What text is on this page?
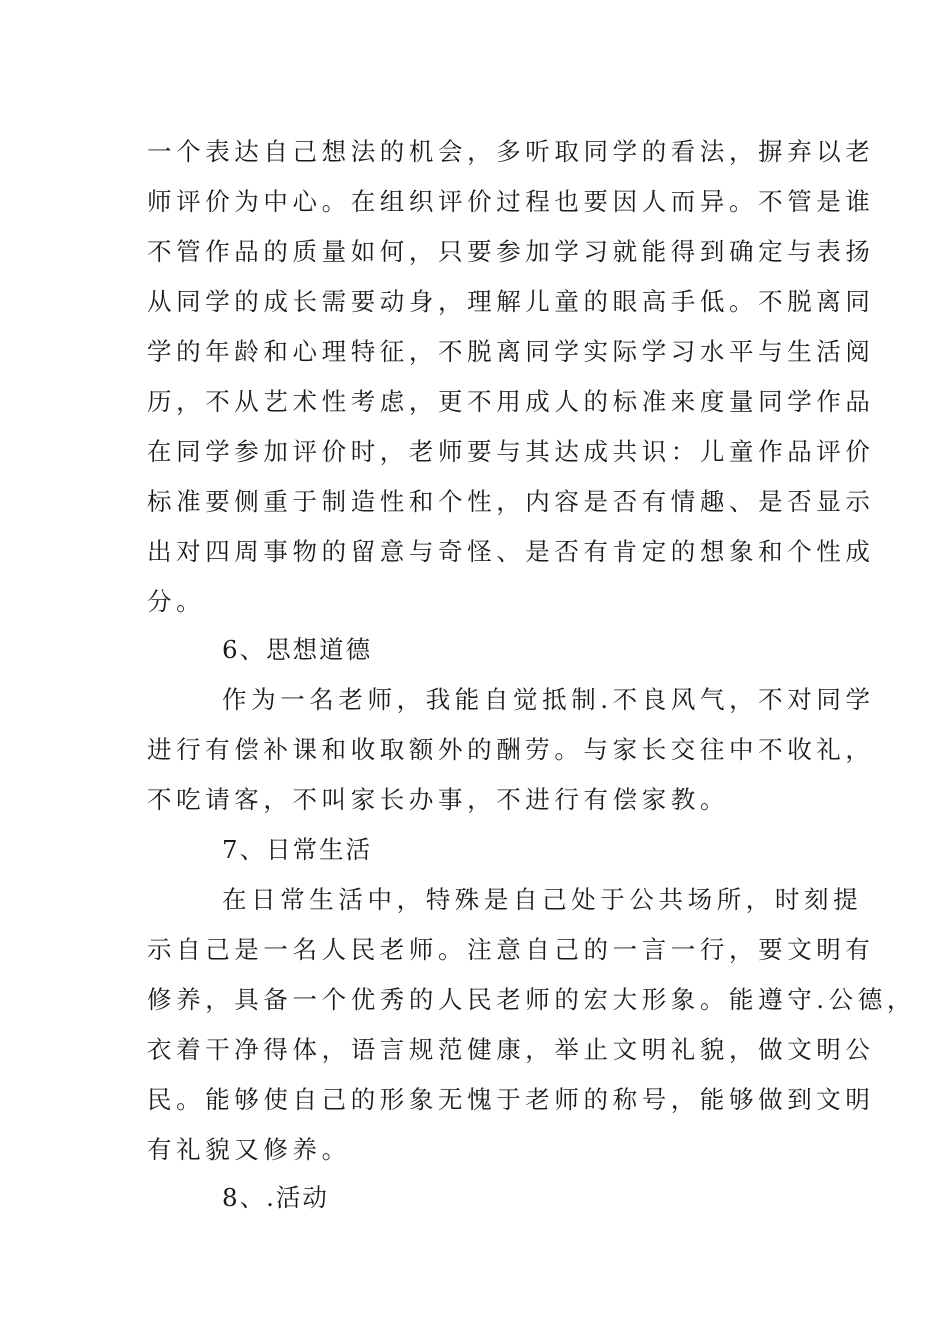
一个表达自己想法的机会，多听取同学的看法，摒弃以老
师评价为中心。在组织评价过程也要因人而异。不管是谁
不管作品的质量如何，只要参加学习就能得到确定与表扬
从同学的成长需要动身，理解儿童的眼高手低。不脱离同
学的年龄和心理特征，不脱离同学实际学习水平与生活阅
历，不从艺术性考虑，更不用成人的标准来度量同学作品
在同学参加评价时，老师要与其达成共识：儿童作品评价
标准要侧重于制造性和个性，内容是否有情趣、是否显示
出对四周事物的留意与奇怪、是否有肯定的想象和个性成
分。
6、思想道德
作为一名老师，我能自觉抵制.不良风气，不对同学
进行有偿补课和收取额外的酬劳。与家长交往中不收礼，
不吃请客，不叫家长办事，不进行有偿家教。
7、日常生活
在日常生活中，特殊是自己处于公共场所，时刻提
示自己是一名人民老师。注意自己的一言一行，要文明有
修养，具备一个优秀的人民老师的宏大形象。能遵守.公德，
衣着干净得体，语言规范健康，举止文明礼貌，做文明公
民。能够使自己的形象无愧于老师的称号，能够做到文明
有礼貌又修养。
8、.活动
